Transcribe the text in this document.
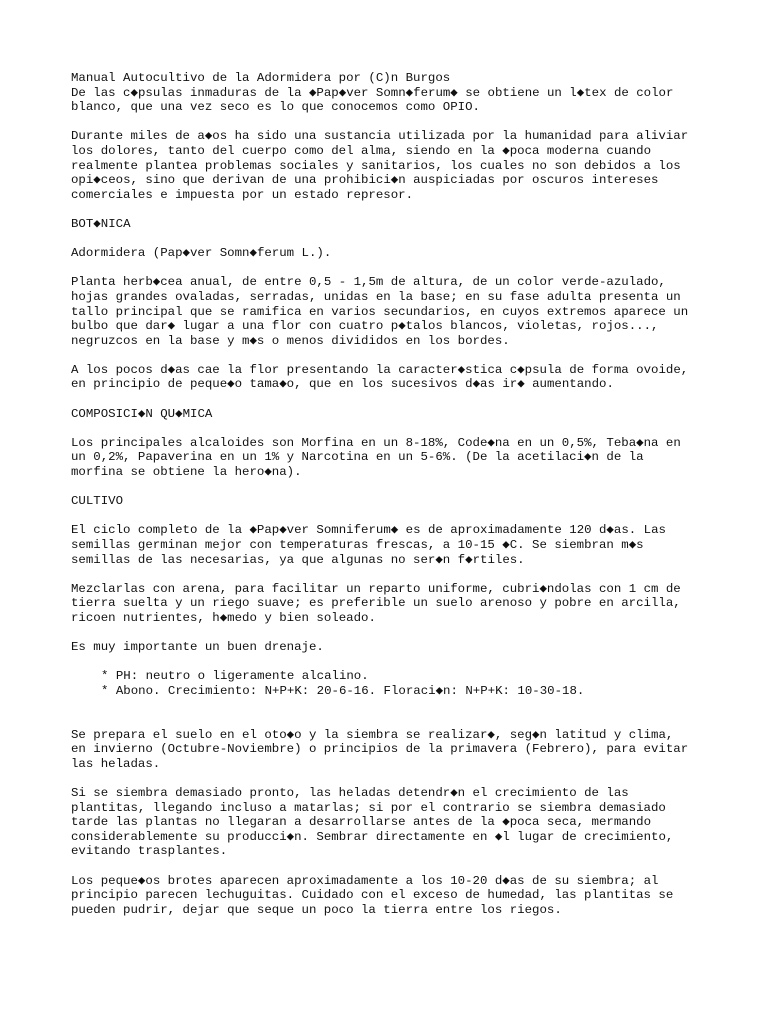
Manual Autocultivo de la Adormidera por (C)n Burgos
De las c◆psulas inmaduras de la ◆Pap◆ver Somn◆ferum◆ se obtiene un l◆tex de color
blanco, que una vez seco es lo que conocemos como OPIO.
Durante miles de a◆os ha sido una sustancia utilizada por la humanidad para aliviar
los dolores, tanto del cuerpo como del alma, siendo en la ◆poca moderna cuando
realmente plantea problemas sociales y sanitarios, los cuales no son debidos a los
opi◆ceos, sino que derivan de una prohibici◆n auspiciadas por oscuros intereses
comerciales e impuesta por un estado represor.
BOT◆NICA
Adormidera (Pap◆ver Somn◆ferum L.).
Planta herb◆cea anual, de entre 0,5 - 1,5m de altura, de un color verde-azulado,
hojas grandes ovaladas, serradas, unidas en la base; en su fase adulta presenta un
tallo principal que se ramifica en varios secundarios, en cuyos extremos aparece un
bulbo que dar◆ lugar a una flor con cuatro p◆talos blancos, violetas, rojos...,
negruzcos en la base y m◆s o menos divididos en los bordes.
A los pocos d◆as cae la flor presentando la caracter◆stica c◆psula de forma ovoide,
en principio de peque◆o tama◆o, que en los sucesivos d◆as ir◆ aumentando.
COMPOSICI◆N QU◆MICA
Los principales alcaloides son Morfina en un 8-18%, Code◆na en un 0,5%, Teba◆na en
un 0,2%, Papaverina en un 1% y Narcotina en un 5-6%. (De la acetilaci◆n de la
morfina se obtiene la hero◆na).
CULTIVO
El ciclo completo de la ◆Pap◆ver Somniferum◆ es de aproximadamente 120 d◆as. Las
semillas germinan mejor con temperaturas frescas, a 10-15 ◆C. Se siembran m◆s
semillas de las necesarias, ya que algunas no ser◆n f◆rtiles.
Mezclarlas con arena, para facilitar un reparto uniforme, cubri◆ndolas con 1 cm de
tierra suelta y un riego suave; es preferible un suelo arenoso y pobre en arcilla,
ricoen nutrientes, h◆medo y bien soleado.
Es muy importante un buen drenaje.
* PH: neutro o ligeramente alcalino.
* Abono. Crecimiento: N+P+K: 20-6-16. Floraci◆n: N+P+K: 10-30-18.
Se prepara el suelo en el oto◆o y la siembra se realizar◆, seg◆n latitud y clima,
en invierno (Octubre-Noviembre) o principios de la primavera (Febrero), para evitar
las heladas.
Si se siembra demasiado pronto, las heladas detendr◆n el crecimiento de las
plantitas, llegando incluso a matarlas; si por el contrario se siembra demasiado
tarde las plantas no llegaran a desarrollarse antes de la ◆poca seca, mermando
considerablemente su producci◆n. Sembrar directamente en ◆l lugar de crecimiento,
evitando trasplantes.
Los peque◆os brotes aparecen aproximadamente a los 10-20 d◆as de su siembra; al
principio parecen lechuguitas. Cuidado con el exceso de humedad, las plantitas se
pueden pudrir, dejar que seque un poco la tierra entre los riegos.
